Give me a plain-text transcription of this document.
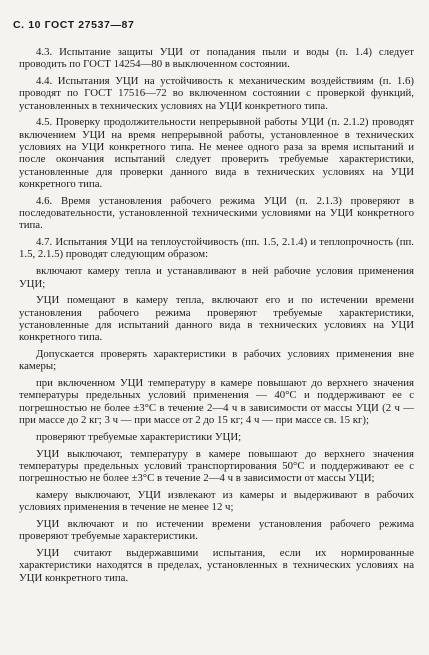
С. 10 ГОСТ 27537—87

4.3. Испытание защиты УЦИ от попадания пыли и воды (п. 1.4) следует проводить по ГОСТ 14254—80 в выключенном состоянии.

4.4. Испытания УЦИ на устойчивость к механическим воздействиям (п. 1.6) проводят по ГОСТ 17516—72 во включенном состоянии с проверкой функций, установленных в технических условиях на УЦИ конкретного типа.

4.5. Проверку продолжительности непрерывной работы УЦИ (п. 2.1.2) проводят включением УЦИ на время непрерывной работы, установленное в технических условиях на УЦИ конкретного типа. Не менее одного раза за время испытаний и после окончания испытаний следует проверить требуемые характеристики, установленные для проверки данного вида в технических условиях на УЦИ конкретного типа.

4.6. Время установления рабочего режима УЦИ (п. 2.1.3) проверяют в последовательности, установленной техническими условиями на УЦИ конкретного типа.

4.7. Испытания УЦИ на теплоустойчивость (пп. 1.5, 2.1.4) и теплопрочность (пп. 1.5, 2.1.5) проводят следующим образом:

включают камеру тепла и устанавливают в ней рабочие условия применения УЦИ;

УЦИ помещают в камеру тепла, включают его и по истечении времени установления рабочего режима проверяют требуемые характеристики, установленные для испытаний данного вида в технических условиях на УЦИ конкретного типа.

Допускается проверять характеристики в рабочих условиях применения вне камеры;

при включенном УЦИ температуру в камере повышают до верхнего значения температуры предельных условий применения — 40°С и поддерживают ее с погрешностью не более ±3°С в течение 2—4 ч в зависимости от массы УЦИ (2 ч — при массе до 2 кг; 3 ч — при массе от 2 до 15 кг; 4 ч — при массе св. 15 кг);

проверяют требуемые характеристики УЦИ;

УЦИ выключают, температуру в камере повышают до верхнего значения температуры предельных условий транспортирования 50°С и поддерживают ее с погрешностью не более ±3°С в течение 2—4 ч в зависимости от массы УЦИ;

камеру выключают, УЦИ извлекают из камеры и выдерживают в рабочих условиях применения в течение не менее 12 ч;

УЦИ включают и по истечении времени установления рабочего режима проверяют требуемые характеристики.

УЦИ считают выдержавшими испытания, если их нормированные характеристики находятся в пределах, установленных в технических условиях на УЦИ конкретного типа.
